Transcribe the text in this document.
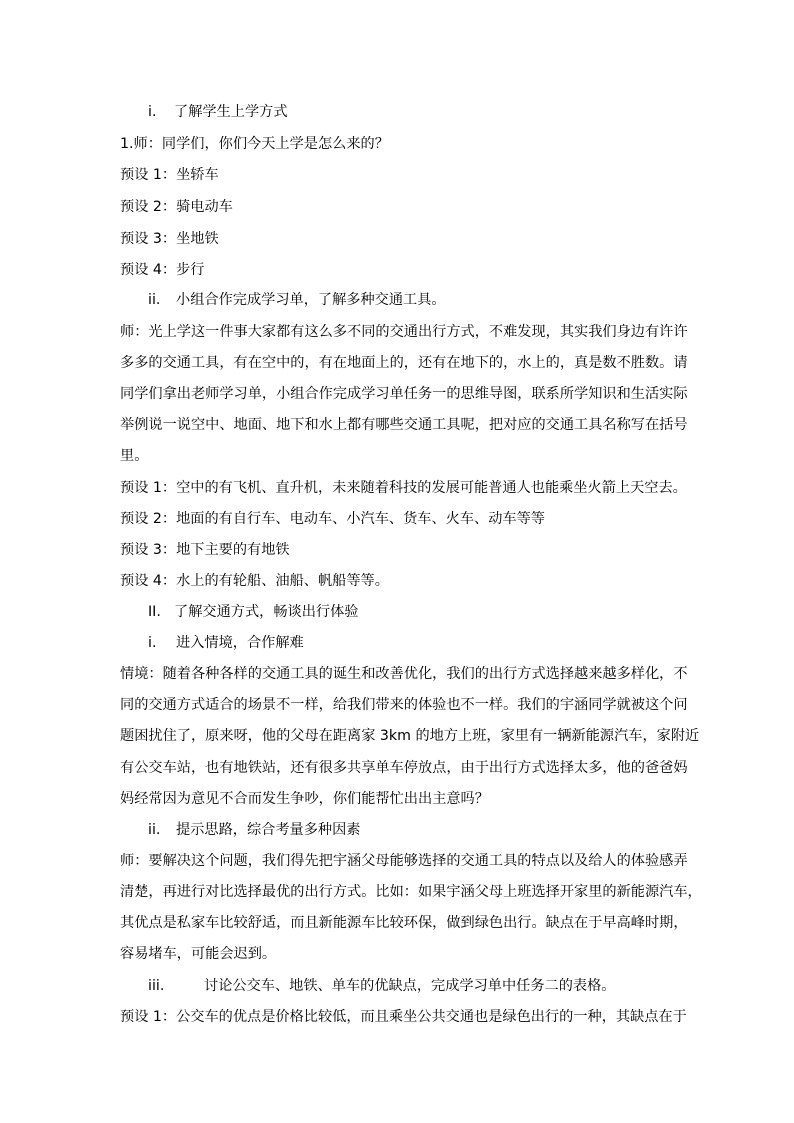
i. 了解学生上学方式
1.师：同学们，你们今天上学是怎么来的？
预设 1：坐轿车
预设 2：骑电动车
预设 3：坐地铁
预设 4：步行
ii. 小组合作完成学习单，了解多种交通工具。
师：光上学这一件事大家都有这么多不同的交通出行方式，不难发现，其实我们身边有许许
多多的交通工具，有在空中的，有在地面上的，还有在地下的，水上的，真是数不胜数。请
同学们拿出老师学习单，小组合作完成学习单任务一的思维导图，联系所学知识和生活实际
举例说一说空中、地面、地下和水上都有哪些交通工具呢，把对应的交通工具名称写在括号
里。
预设 1：空中的有飞机、直升机，未来随着科技的发展可能普通人也能乘坐火箭上天空去。
预设 2：地面的有自行车、电动车、小汽车、货车、火车、动车等等
预设 3：地下主要的有地铁
预设 4：水上的有轮船、油船、帆船等等。
II. 了解交通方式，畅谈出行体验
i. 进入情境，合作解难
情境：随着各种各样的交通工具的诞生和改善优化，我们的出行方式选择越来越多样化，不
同的交通方式适合的场景不一样，给我们带来的体验也不一样。我们的宇涵同学就被这个问
题困扰住了，原来呀，他的父母在距离家 3km 的地方上班，家里有一辆新能源汽车，家附近
有公交车站，也有地铁站，还有很多共享单车停放点，由于出行方式选择太多，他的爸爸妈
妈经常因为意见不合而发生争吵，你们能帮忙出出主意吗？
ii. 提示思路，综合考量多种因素
师：要解决这个问题，我们得先把宇涵父母能够选择的交通工具的特点以及给人的体验感弄
清楚，再进行对比选择最优的出行方式。比如：如果宇涵父母上班选择开家里的新能源汽车，
其优点是私家车比较舒适，而且新能源车比较环保，做到绿色出行。缺点在于早高峰时期，
容易堵车，可能会迟到。
iii.	讨论公交车、地铁、单车的优缺点，完成学习单中任务二的表格。
预设 1：公交车的优点是价格比较低，而且乘坐公共交通也是绿色出行的一种，其缺点在于
